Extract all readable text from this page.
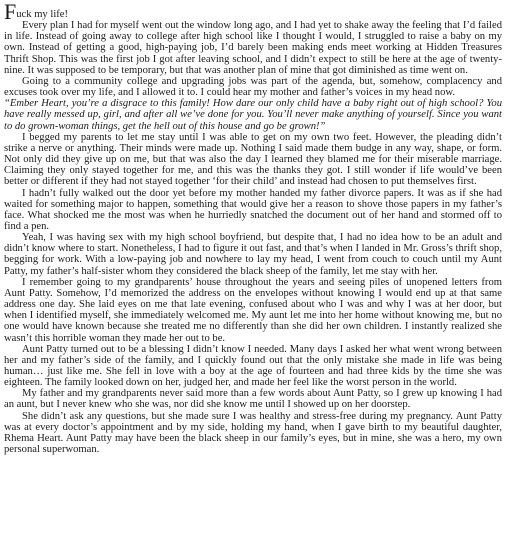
Fuck my life!

Every plan I had for myself went out the window long ago, and I had yet to shake away the feeling that I’d failed in life. Instead of going away to college after high school like I thought I would, I struggled to raise a baby on my own. Instead of getting a good, high-paying job, I’d barely been making ends meet working at Hidden Treasures Thrift Shop. This was the first job I got after leaving school, and I didn’t expect to still be here at the age of twenty-nine. It was supposed to be temporary, but that was another plan of mine that got diminished as time went on.

Going to a community college and upgrading jobs was part of the agenda, but, somehow, complacency and excuses took over my life, and I allowed it to. I could hear my mother and father’s voices in my head now.

“Ember Heart, you’re a disgrace to this family! How dare our only child have a baby right out of high school? You have really messed up, girl, and after all we’ve done for you. You’ll never make anything of yourself. Since you want to do grown-woman things, get the hell out of this house and go be grown!”

I begged my parents to let me stay until I was able to get on my own two feet. However, the pleading didn’t strike a nerve or anything. Their minds were made up. Nothing I said made them budge in any way, shape, or form. Not only did they give up on me, but that was also the day I learned they blamed me for their miserable marriage. Claiming they only stayed together for me, and this was the thanks they got. I still wonder if life would’ve been better or different if they had not stayed together ‘for their child’ and instead had chosen to put themselves first.

I hadn’t fully walked out the door yet before my mother handed my father divorce papers. It was as if she had waited for something major to happen, something that would give her a reason to shove those papers in my father’s face. What shocked me the most was when he hurriedly snatched the document out of her hand and stormed off to find a pen.

Yeah, I was having sex with my high school boyfriend, but despite that, I had no idea how to be an adult and didn’t know where to start. Nonetheless, I had to figure it out fast, and that’s when I landed in Mr. Gross’s thrift shop, begging for work. With a low-paying job and nowhere to lay my head, I went from couch to couch until my Aunt Patty, my father’s half-sister whom they considered the black sheep of the family, let me stay with her.

I remember going to my grandparents’ house throughout the years and seeing piles of unopened letters from Aunt Patty. Somehow, I’d memorized the address on the envelopes without knowing I would end up at that same address one day. She laid eyes on me that late evening, confused about who I was and why I was at her door, but when I identified myself, she immediately welcomed me. My aunt let me into her home without knowing me, but no one would have known because she treated me no differently than she did her own children. I instantly realized she wasn’t this horrible woman they made her out to be.

Aunt Patty turned out to be a blessing I didn’t know I needed. Many days I asked her what went wrong between her and my father’s side of the family, and I quickly found out that the only mistake she made in life was being human… just like me. She fell in love with a boy at the age of fourteen and had three kids by the time she was eighteen. The family looked down on her, judged her, and made her feel like the worst person in the world.

My father and my grandparents never said more than a few words about Aunt Patty, so I grew up knowing I had an aunt, but I never knew who she was, nor did she know me until I showed up on her doorstep.

She didn’t ask any questions, but she made sure I was healthy and stress-free during my pregnancy. Aunt Patty was at every doctor’s appointment and by my side, holding my hand, when I gave birth to my beautiful daughter, Rhema Heart. Aunt Patty may have been the black sheep in our family’s eyes, but in mine, she was a hero, my own personal superwoman.
